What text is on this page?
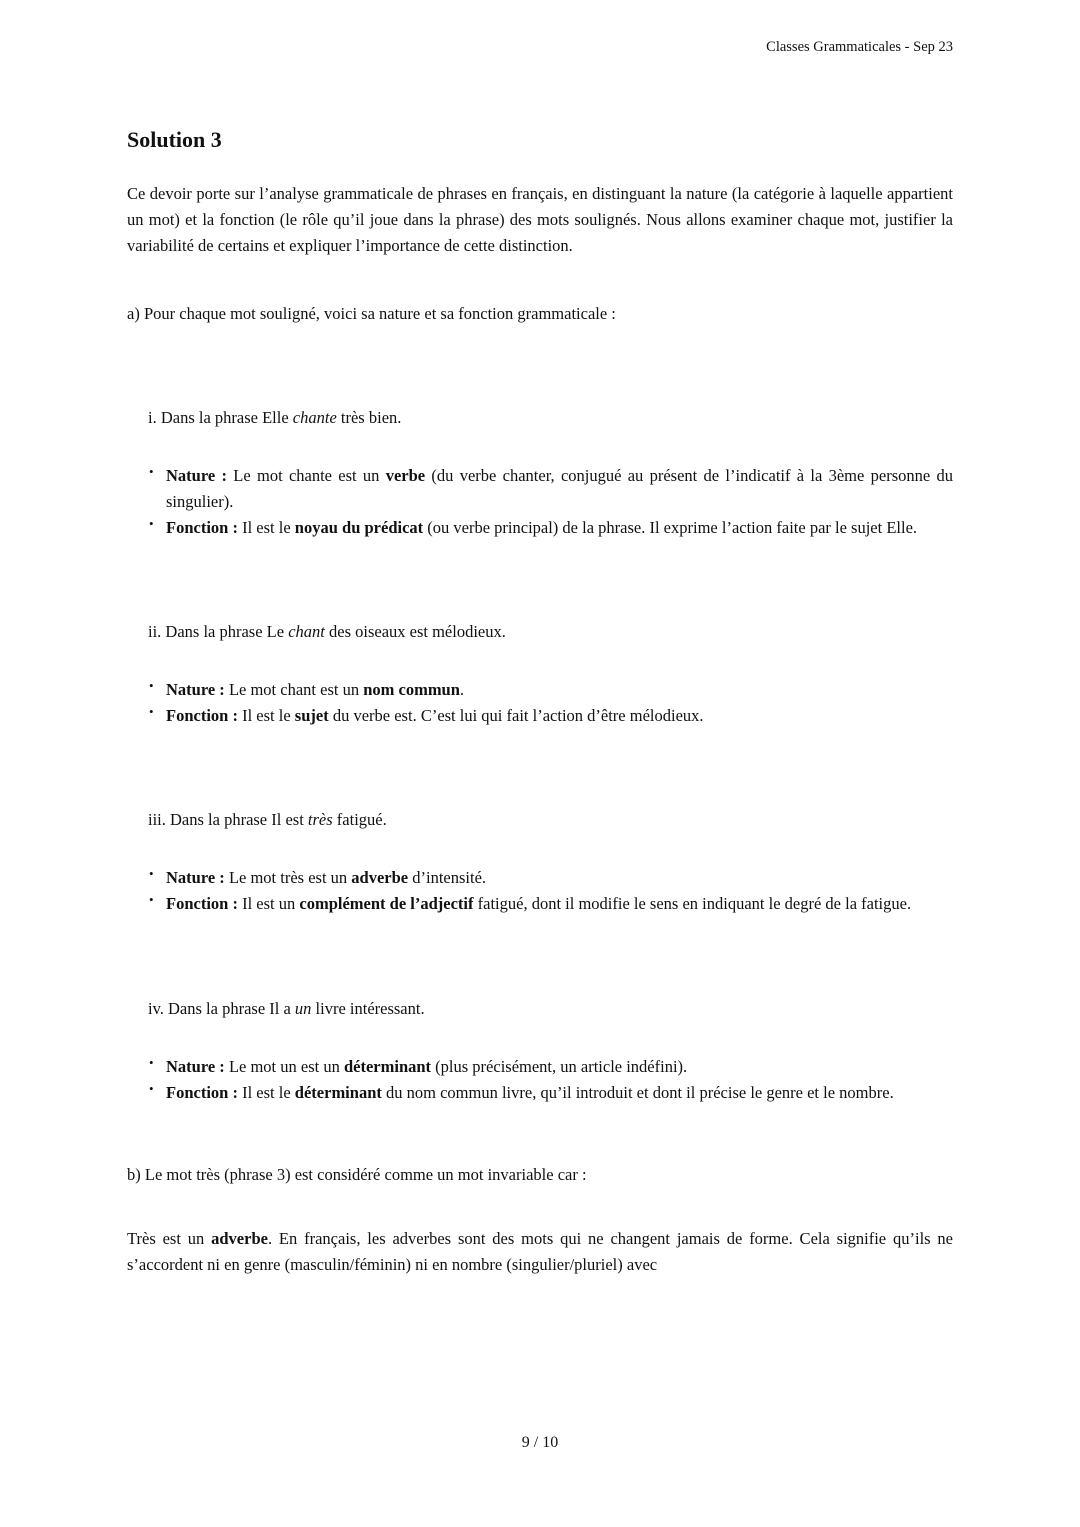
Classes Grammaticales - Sep 23
Solution 3

Ce devoir porte sur l’analyse grammaticale de phrases en français, en distinguant la nature (la catégorie à laquelle appartient un mot) et la fonction (le rôle qu’il joue dans la phrase) des mots soulignés. Nous allons examiner chaque mot, justifier la variabilité de certains et expliquer l’importance de cette distinction.

a) Pour chaque mot souligné, voici sa nature et sa fonction grammaticale :

i. Dans la phrase Elle chante très bien.

• Nature : Le mot chante est un verbe (du verbe chanter, conjugué au présent de l’indicatif à la 3ème personne du singulier).
• Fonction : Il est le noyau du prédicat (ou verbe principal) de la phrase. Il exprime l’action faite par le sujet Elle.

ii. Dans la phrase Le chant des oiseaux est mélodieux.

• Nature : Le mot chant est un nom commun.
• Fonction : Il est le sujet du verbe est. C’est lui qui fait l’action d’être mélodieux.

iii. Dans la phrase Il est très fatigué.

• Nature : Le mot très est un adverbe d’intensité.
• Fonction : Il est un complément de l’adjectif fatigué, dont il modifie le sens en indiquant le degré de la fatigue.

iv. Dans la phrase Il a un livre intéressant.

• Nature : Le mot un est un déterminant (plus précisément, un article indéfini).
• Fonction : Il est le déterminant du nom commun livre, qu’il introduit et dont il précise le genre et le nombre.

b) Le mot très (phrase 3) est considéré comme un mot invariable car :

Très est un adverbe. En français, les adverbes sont des mots qui ne changent jamais de forme. Cela signifie qu’ils ne s’accordent ni en genre (masculin/féminin) ni en nombre (singulier/pluriel) avec

9 / 10
